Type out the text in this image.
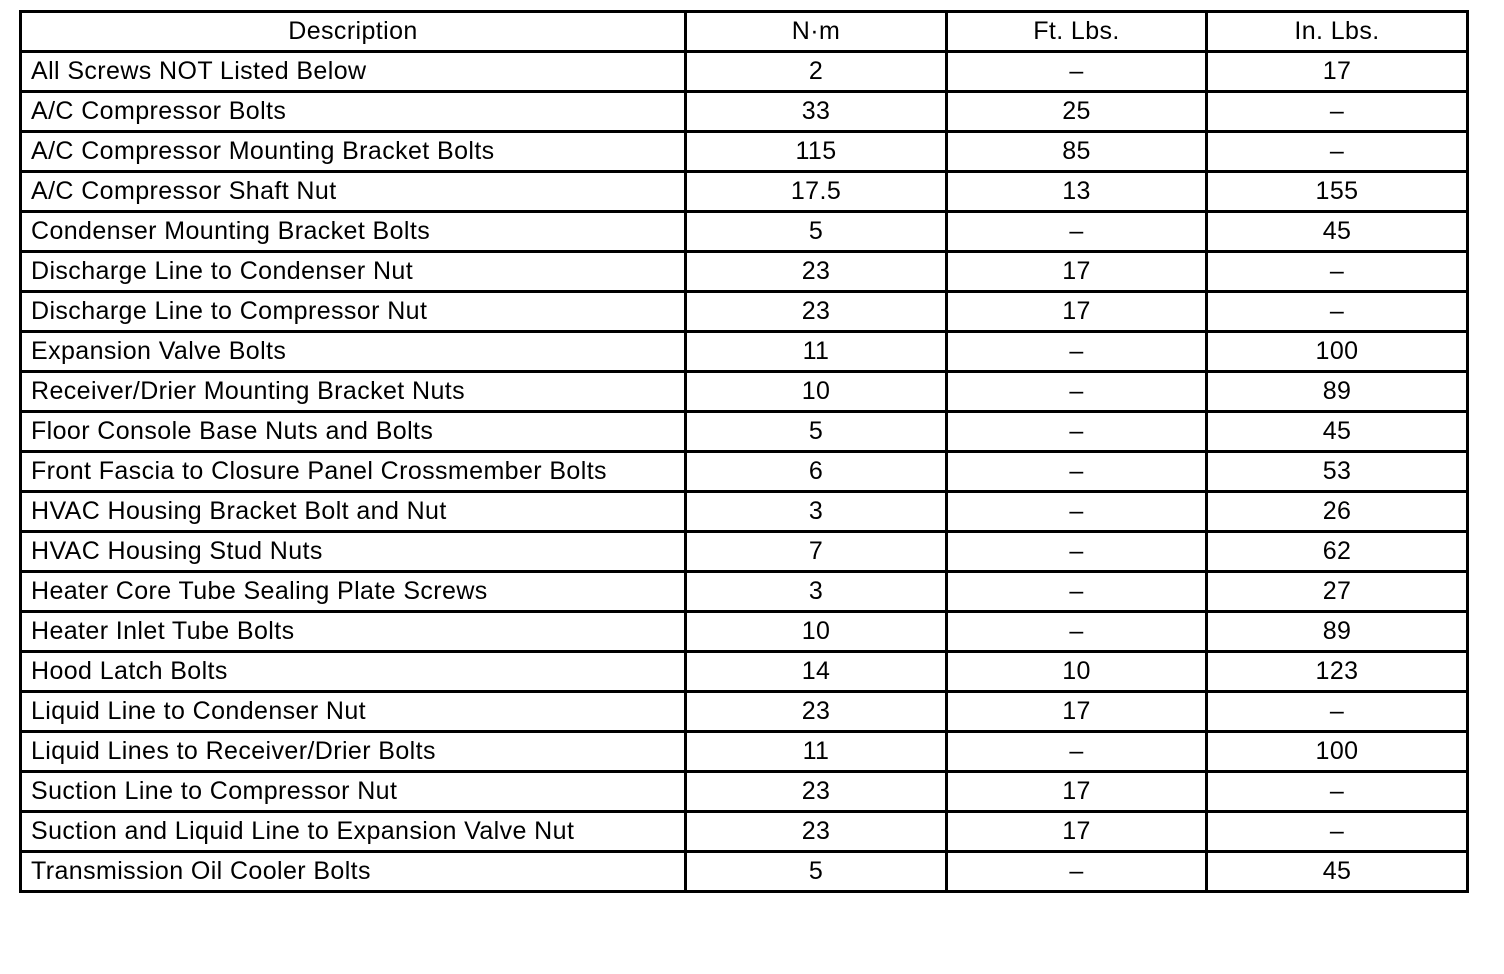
Description	N·m	Ft. Lbs.	In. Lbs.
All Screws NOT Listed Below	2	–	17
A/C Compressor Bolts	33	25	–
A/C Compressor Mounting Bracket Bolts	115	85	–
A/C Compressor Shaft Nut	17.5	13	155
Condenser Mounting Bracket Bolts	5	–	45
Discharge Line to Condenser Nut	23	17	–
Discharge Line to Compressor Nut	23	17	–
Expansion Valve Bolts	11	–	100
Receiver/Drier Mounting Bracket Nuts	10	–	89
Floor Console Base Nuts and Bolts	5	–	45
Front Fascia to Closure Panel Crossmember Bolts	6	–	53
HVAC Housing Bracket Bolt and Nut	3	–	26
HVAC Housing Stud Nuts	7	–	62
Heater Core Tube Sealing Plate Screws	3	–	27
Heater Inlet Tube Bolts	10	–	89
Hood Latch Bolts	14	10	123
Liquid Line to Condenser Nut	23	17	–
Liquid Lines to Receiver/Drier Bolts	11	–	100
Suction Line to Compressor Nut	23	17	–
Suction and Liquid Line to Expansion Valve Nut	23	17	–
Transmission Oil Cooler Bolts	5	–	45
